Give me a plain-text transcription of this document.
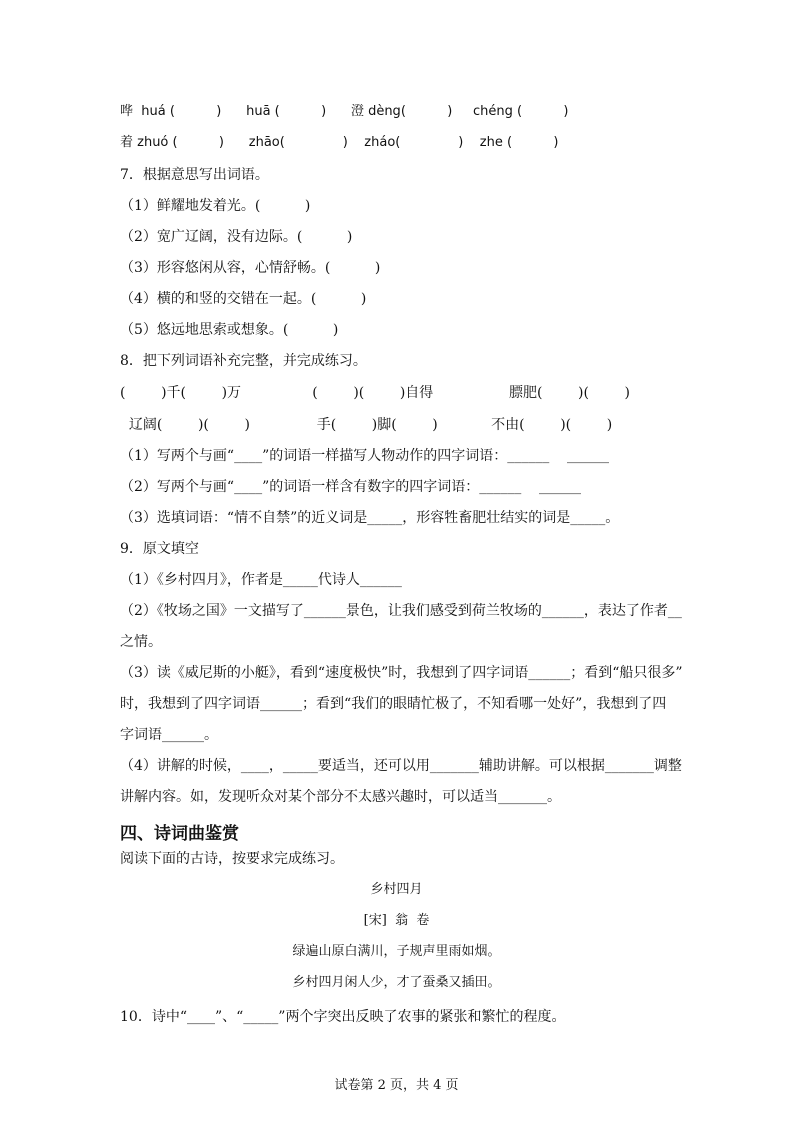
哗  huá (          )      huā (          )      澄 dèng(          )     chéng (          )
着 zhuó (          )      zhāo(              )    zháo(              )    zhe (          )
7．根据意思写出词语。
（1）鲜耀地发着光。(          )
（2）宽广辽阔，没有边际。(          )
（3）形容悠闲从容，心情舒畅。(          )
（4）横的和竖的交错在一起。(          )
（5）悠远地思索或想象。(          )
8．把下列词语补充完整，并完成练习。
(        )千(        )万                (        )(        )自得                 膘肥(        )(        )
辽阔(        )(        )               手(        )脚(        )            不由(        )(        )
（1）写两个与画“____”的词语一样描写人物动作的四字词语：______    ______
（2）写两个与画“____”的词语一样含有数字的四字词语：______    ______
（3）选填词语：“情不自禁”的近义词是_____，形容牲畜肥壮结实的词是_____。
9．原文填空
（1）《乡村四月》，作者是_____代诗人______
（2）《牧场之国》一文描写了______景色，让我们感受到荷兰牧场的______，表达了作者__
之情。
（3）读《威尼斯的小艇》，看到“速度极快”时，我想到了四字词语______；看到“船只很多”
时，我想到了四字词语______；看到“我们的眼睛忙极了，不知看哪一处好”，我想到了四
字词语______。
（4）讲解的时候，____，_____要适当，还可以用_______辅助讲解。可以根据_______调整
讲解内容。如，发现听众对某个部分不太感兴趣时，可以适当_______。
四、诗词曲鉴赏
阅读下面的古诗，按要求完成练习。
乡村四月
[宋]  翁  卷
绿遍山原白满川，子规声里雨如烟。
乡村四月闲人少，才了蚕桑又插田。
10．诗中“____”、“_____”两个字突出反映了农事的紧张和繁忙的程度。
试卷第 2 页，共 4 页
